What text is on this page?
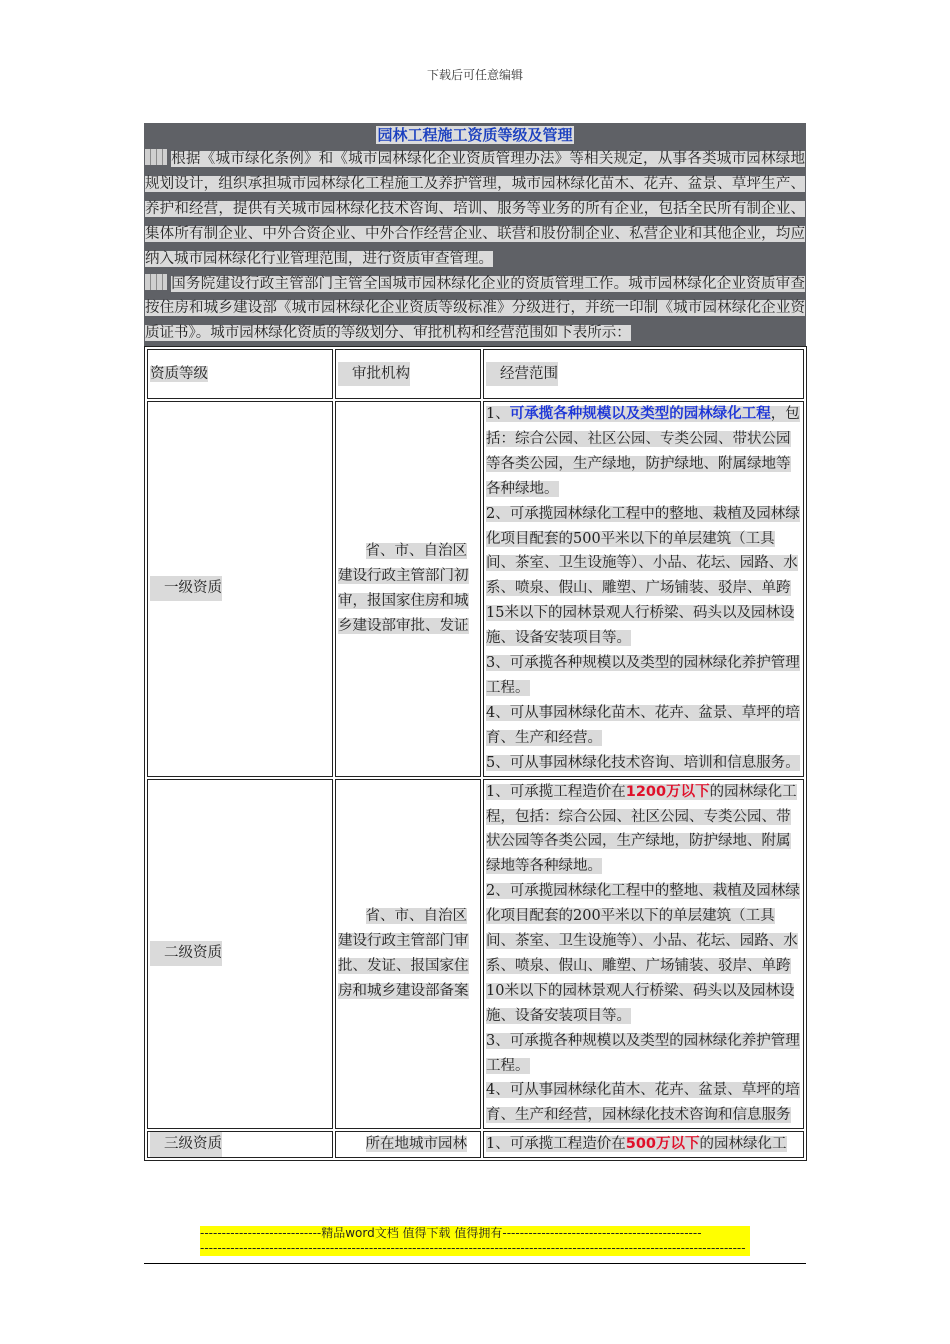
下载后可任意编辑
园林工程施工资质等级及管理

根据《城市绿化条例》和《城市园林绿化企业资质管理办法》等相关规定，从事各类城市园林绿地规划设计，组织承担城市园林绿化工程施工及养护管理，城市园林绿化苗木、花卉、盆景、草坪生产、养护和经营，提供有关城市园林绿化技术咨询、培训、服务等业务的所有企业，包括全民所有制企业、集体所有制企业、中外合资企业、中外合作经营企业、联营和股份制企业、私营企业和其他企业，均应纳入城市园林绿化行业管理范围，进行资质审查管理。

国务院建设行政主管部门主管全国城市园林绿化企业的资质管理工作。城市园林绿化企业资质审查按住房和城乡建设部《城市园林绿化企业资质等级标准》分级进行，并统一印制《城市园林绿化企业资质证书》。城市园林绿化资质的等级划分、审批机构和经营范围如下表所示：

资质等级	审批机构	经营范围
一级资质	省、市、自治区建设行政主管部门初审，报国家住房和城乡建设部审批、发证	1、可承揽各种规模以及类型的园林绿化工程，包括：综合公园、社区公园、专类公园、带状公园等各类公园，生产绿地，防护绿地、附属绿地等各种绿地。

2、可承揽园林绿化工程中的整地、栽植及园林绿化项目配套的500平米以下的单层建筑（工具间、茶室、卫生设施等）、小品、花坛、园路、水系、喷泉、假山、雕塑、广场铺装、驳岸、单跨15米以下的园林景观人行桥梁、码头以及园林设施、设备安装项目等。

3、可承揽各种规模以及类型的园林绿化养护管理工程。

4、可从事园林绿化苗木、花卉、盆景、草坪的培育、生产和经营。

5、可从事园林绿化技术咨询、培训和信息服务。

二级资质	省、市、自治区建设行政主管部门审批、发证、报国家住房和城乡建设部备案	1、可承揽工程造价在1200万以下的园林绿化工程，包括：综合公园、社区公园、专类公园、带状公园等各类公园，生产绿地，防护绿地、附属绿地等各种绿地。

2、可承揽园林绿化工程中的整地、栽植及园林绿化项目配套的200平米以下的单层建筑（工具间、茶室、卫生设施等）、小品、花坛、园路、水系、喷泉、假山、雕塑、广场铺装、驳岸、单跨10米以下的园林景观人行桥梁、码头以及园林设施、设备安装项目等。

3、可承揽各种规模以及类型的园林绿化养护管理工程。

4、可从事园林绿化苗木、花卉、盆景、草坪的培育、生产和经营，园林绿化技术咨询和信息服务

三级资质	所在地城市园林	1、可承揽工程造价在500万以下的园林绿化工

----------------------------精品word文档 值得下载 值得拥有----------------------------------------------
------------------------------------------------------------------------------------------------------------------------------
